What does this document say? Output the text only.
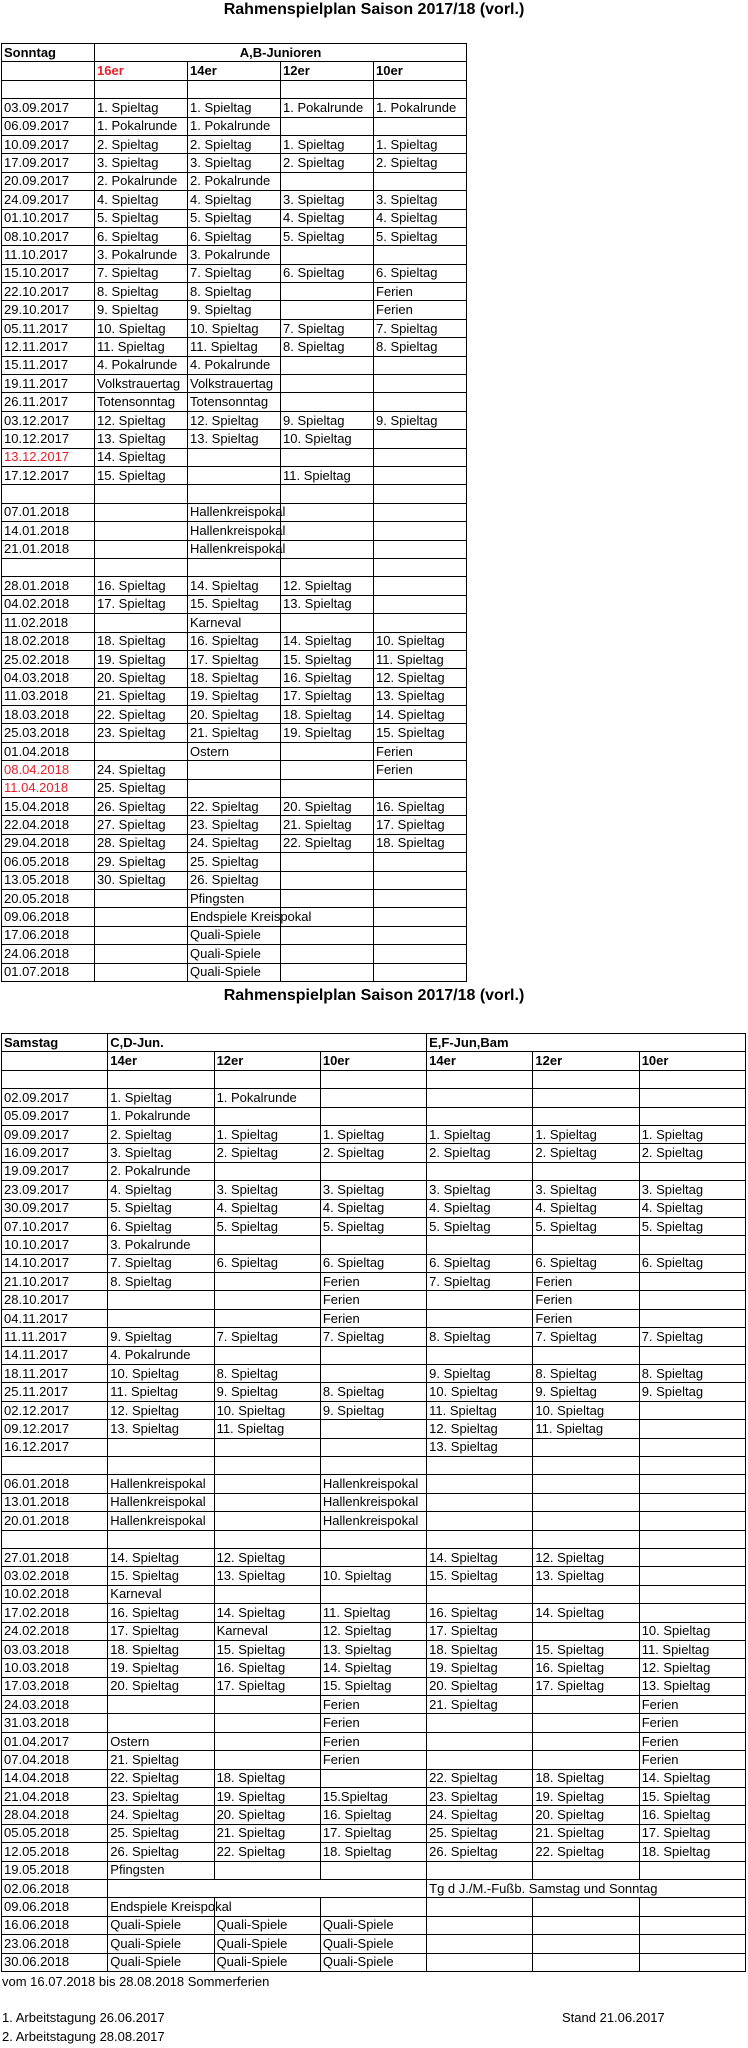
Rahmenspielplan Saison 2017/18 (vorl.)
Sonntag	A,B-Junioren			
	16er	14er	12er	10er

03.09.2017	1. Spieltag	1. Spieltag	1. Pokalrunde	1. Pokalrunde
06.09.2017	1. Pokalrunde	1. Pokalrunde		
10.09.2017	2. Spieltag	2. Spieltag	1. Spieltag	1. Spieltag
17.09.2017	3. Spieltag	3. Spieltag	2. Spieltag	2. Spieltag
20.09.2017	2. Pokalrunde	2. Pokalrunde		
24.09.2017	4. Spieltag	4. Spieltag	3. Spieltag	3. Spieltag
01.10.2017	5. Spieltag	5. Spieltag	4. Spieltag	4. Spieltag
08.10.2017	6. Spieltag	6. Spieltag	5. Spieltag	5. Spieltag
11.10.2017	3. Pokalrunde	3. Pokalrunde		
15.10.2017	7. Spieltag	7. Spieltag	6. Spieltag	6. Spieltag
22.10.2017	8. Spieltag	8. Spieltag		Ferien
29.10.2017	9. Spieltag	9. Spieltag		Ferien
05.11.2017	10. Spieltag	10. Spieltag	7. Spieltag	7. Spieltag
12.11.2017	11. Spieltag	11. Spieltag	8. Spieltag	8. Spieltag
15.11.2017	4. Pokalrunde	4. Pokalrunde		
19.11.2017	Volkstrauertag	Volkstrauertag		
26.11.2017	Totensonntag	Totensonntag		
03.12.2017	12. Spieltag	12. Spieltag	9. Spieltag	9. Spieltag
10.12.2017	13. Spieltag	13. Spieltag	10. Spieltag	
13.12.2017	14. Spieltag			
17.12.2017	15. Spieltag		11. Spieltag	

07.01.2018		Hallenkreispokal		
14.01.2018		Hallenkreispokal		
21.01.2018		Hallenkreispokal		

28.01.2018	16. Spieltag	14. Spieltag	12. Spieltag	
04.02.2018	17. Spieltag	15. Spieltag	13. Spieltag	
11.02.2018		Karneval		
18.02.2018	18. Spieltag	16. Spieltag	14. Spieltag	10. Spieltag
25.02.2018	19. Spieltag	17. Spieltag	15. Spieltag	11. Spieltag
04.03.2018	20. Spieltag	18. Spieltag	16. Spieltag	12. Spieltag
11.03.2018	21. Spieltag	19. Spieltag	17. Spieltag	13. Spieltag
18.03.2018	22. Spieltag	20. Spieltag	18. Spieltag	14. Spieltag
25.03.2018	23. Spieltag	21. Spieltag	19. Spieltag	15. Spieltag
01.04.2018		Ostern		Ferien
08.04.2018	24. Spieltag			Ferien
11.04.2018	25. Spieltag			
15.04.2018	26. Spieltag	22. Spieltag	20. Spieltag	16. Spieltag
22.04.2018	27. Spieltag	23. Spieltag	21. Spieltag	17. Spieltag
29.04.2018	28. Spieltag	24. Spieltag	22. Spieltag	18. Spieltag
06.05.2018	29. Spieltag	25. Spieltag		
13.05.2018	30. Spieltag	26. Spieltag		
20.05.2018		Pfingsten		
09.06.2018		Endspiele Kreispokal		
17.06.2018		Quali-Spiele		
24.06.2018		Quali-Spiele		
01.07.2018		Quali-Spiele		
Rahmenspielplan Saison 2017/18 (vorl.)
Samstag	C,D-Jun.			E,F-Jun,Bam		
	14er	12er	10er	14er	12er	10er

02.09.2017	1. Spieltag	1. Pokalrunde				
05.09.2017	1. Pokalrunde					
09.09.2017	2. Spieltag	1. Spieltag	1. Spieltag	1. Spieltag	1. Spieltag	1. Spieltag
16.09.2017	3. Spieltag	2. Spieltag	2. Spieltag	2. Spieltag	2. Spieltag	2. Spieltag
19.09.2017	2. Pokalrunde					
23.09.2017	4. Spieltag	3. Spieltag	3. Spieltag	3. Spieltag	3. Spieltag	3. Spieltag
30.09.2017	5. Spieltag	4. Spieltag	4. Spieltag	4. Spieltag	4. Spieltag	4. Spieltag
07.10.2017	6. Spieltag	5. Spieltag	5. Spieltag	5. Spieltag	5. Spieltag	5. Spieltag
10.10.2017	3. Pokalrunde					
14.10.2017	7. Spieltag	6. Spieltag	6. Spieltag	6. Spieltag	6. Spieltag	6. Spieltag
21.10.2017	8. Spieltag		Ferien	7. Spieltag	Ferien	
28.10.2017			Ferien		Ferien	
04.11.2017			Ferien		Ferien	
11.11.2017	9. Spieltag	7. Spieltag	7. Spieltag	8. Spieltag	7. Spieltag	7. Spieltag
14.11.2017	4. Pokalrunde					
18.11.2017	10. Spieltag	8. Spieltag		9. Spieltag	8. Spieltag	8. Spieltag
25.11.2017	11. Spieltag	9. Spieltag	8. Spieltag	10. Spieltag	9. Spieltag	9. Spieltag
02.12.2017	12. Spieltag	10. Spieltag	9. Spieltag	11. Spieltag	10. Spieltag	
09.12.2017	13. Spieltag	11. Spieltag		12. Spieltag	11. Spieltag	
16.12.2017				13. Spieltag		

06.01.2018	Hallenkreispokal		Hallenkreispokal			
13.01.2018	Hallenkreispokal		Hallenkreispokal			
20.01.2018	Hallenkreispokal		Hallenkreispokal			

27.01.2018	14. Spieltag	12. Spieltag		14. Spieltag	12. Spieltag	
03.02.2018	15. Spieltag	13. Spieltag	10. Spieltag	15. Spieltag	13. Spieltag	
10.02.2018	Karneval					
17.02.2018	16. Spieltag	14. Spieltag	11. Spieltag	16. Spieltag	14. Spieltag	
24.02.2018	17. Spieltag	Karneval	12. Spieltag	17. Spieltag		10. Spieltag
03.03.2018	18. Spieltag	15. Spieltag	13. Spieltag	18. Spieltag	15. Spieltag	11. Spieltag
10.03.2018	19. Spieltag	16. Spieltag	14. Spieltag	19. Spieltag	16. Spieltag	12. Spieltag
17.03.2018	20. Spieltag	17. Spieltag	15. Spieltag	20. Spieltag	17. Spieltag	13. Spieltag
24.03.2018			Ferien	21. Spieltag		Ferien
31.03.2018			Ferien			Ferien
01.04.2017	Ostern		Ferien			Ferien
07.04.2018	21. Spieltag		Ferien			Ferien
14.04.2018	22. Spieltag	18. Spieltag		22. Spieltag	18. Spieltag	14. Spieltag
21.04.2018	23. Spieltag	19. Spieltag	15.Spieltag	23. Spieltag	19. Spieltag	15. Spieltag
28.04.2018	24. Spieltag	20. Spieltag	16. Spieltag	24. Spieltag	20. Spieltag	16. Spieltag
05.05.2018	25. Spieltag	21. Spieltag	17. Spieltag	25. Spieltag	21. Spieltag	17. Spieltag
12.05.2018	26. Spieltag	22. Spieltag	18. Spieltag	26. Spieltag	22. Spieltag	18. Spieltag
19.05.2018	Pfingsten					
02.06.2018				Tg d J./M.-Fußb. Samstag und Sonntag		
09.06.2018	Endspiele Kreispokal					
16.06.2018	Quali-Spiele	Quali-Spiele	Quali-Spiele			
23.06.2018	Quali-Spiele	Quali-Spiele	Quali-Spiele			
30.06.2018	Quali-Spiele	Quali-Spiele	Quali-Spiele			
vom 16.07.2018 bis 28.08.2018 Sommerferien
1. Arbeitstagung 26.06.2017
2. Arbeitstagung 28.08.2017
Stand 21.06.2017
